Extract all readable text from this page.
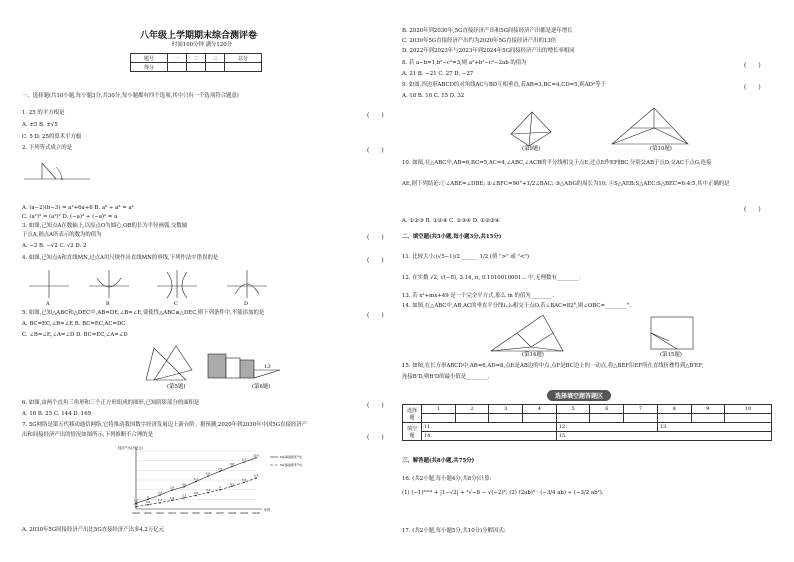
八年级上学期期末综合测评卷
时间100分钟 满分120分
题号	一	二	三	总分
得分				
一、选择题(共10小题,每小题3分,共30分,每小题都有四个选项,其中只有一个选项符合题意)
1. 25 的平方根是	(　　)
A. ±5 B. ±√5
C. 5 D. 25的算术平方根
2. 下列等式成立的是	(　　)
A. (a−2)(b−3) = a²+6a+6 B. a⁶ ÷ a³ = a²
C. (a²)³ = (a³)² D. (−a)³ ÷ (−a)² = a
3. 如图,已知点A在数轴上,以原点O为圆心,OB的长为半径画弧,交数轴
于点A,则点A所表示的数为的值为	(　　)
A. −2 B. −√2 C. √2 D. 2
4. 如图,已知点A和直线MN,过点A用尺规作出直线MN的垂线,下列作法中错误的是	(　　)
A	B	C	D
5. 如图,已知△ABC和△DEC中,AB=DE,∠B=∠E,要使得△ABC≌△DEC,则下列条件中,不能添加的是	(　　)
A. BC=EC,∠B=∠E B. BC=EC,AC=DC
C. ∠B=∠E,∠A=∠D D. BC=EC,∠A=∠D
(第5题)
13
(第6题)
6. 如图,由两个直角三角形和三个正方形组成的图形,已知阴影部分的面积是	(　　)
A. 16 B. 25 C. 144 D. 169
7. 5G网络是第五代移动通信网络,它将推动我国数字经济发展迈上新台阶。据预测,2020年到2030年中国5G直接经济产
出和间接经济产出的情况如图所示,下列推断不合理的是	(　　)
2020 2021 2022 2023 2024 2025 2026 2027 2028 2029 2030
经济产出(万亿元)
年份
1.2
2
2.9
3.9
4.6
5.7
6.8
7.8
8.8
9.7
10.6	5G间接经济产出
0.5
0.9
1.3
1.8
2.3
2.8
3.4
4
4.7
5.5
6.4
5G直接经济产出
A. 2030年5G间接经济产出比5G直接经济产出多4.2万亿元
B. 2020年到2030年,5G直接经济产出和5G间接经济产出都是逐年增长
C. 2030年5G直接经济产出约为2020年5G直接经济产出的13倍
D. 2022年到2023年与2023年到2024年5G间接经济产出的增长率相同
8. 若 a−b=1,b²−c²=3,则 a²+b²−c²−2ab 的值为	(　　)
A. 21 B. −21 C. 27 D. −27
9. 如图,四边形ABCD的对角线AC与BD互相垂直,若AB=3,BC=4,CD=5,则AD²等于	(　　)
A. 18 B. 16 C. 15 D. 32
(第9题)	(第10题)
10. 如图,在△ABC中,AB=6,BC=5,AC=4,∠ABC,∠ACB的平分线相交于点E,过点E作EF∥BC,分别交AB于点D,交AC于点G,连接
AE,则下列结论:①∠ABE=∠DBE; ②∠BFC=90°+1/2∠BAC; ③△ADG的周长为10; ④S△AEB:S△AEC:S△BEC=6:4:5,其中正确的是
(　　)
A. ①②③ B. ①②④ C. ①③④ D. ①②③④
二、填空题(共5小题,每小题3分,共15分)
11. 比较大小:(√5−1)/2 ______ 1/2 (填 ">" 或 "<")
12. 在实数 √2, √(−8), 3.14, π, 0.1010010001... 中,无理数有________.
13. 若 x²+mx+49 是一个完全平方式,那么 m 的值为________.
14. 如图,在△ABC中,AB,AC的垂直平分线l₁,l₂相交于点O,若∠BAC=82°,则∠OBC=________°.
(第14题)	(第15题)
15. 如图,在长方形ABCD中,AB=6,AD=8,点E是AB边的中点,点F是BC边上的一动点,将△BEF沿EF所在直线折叠得到△B'EF,
连接B'D,则B'D的最小值是________.
选择填空题答题区
选择题	1	2	3	4	5	6	7	8	9	10

填空题	11.				12.			13.		
	14.				15.					
三、解答题(共8小题,共75分)
16. (共2小题,每小题4分,共8分)计算:
(1) (−1)²⁰²⁴ + |1−√2| + ³√−8 − √(−2)²; (2) (2ab)³ · (−3/4 ab) ÷ (−3/2 ab²).
17. (共2小题,每小题5分,共10分)分解因式:
